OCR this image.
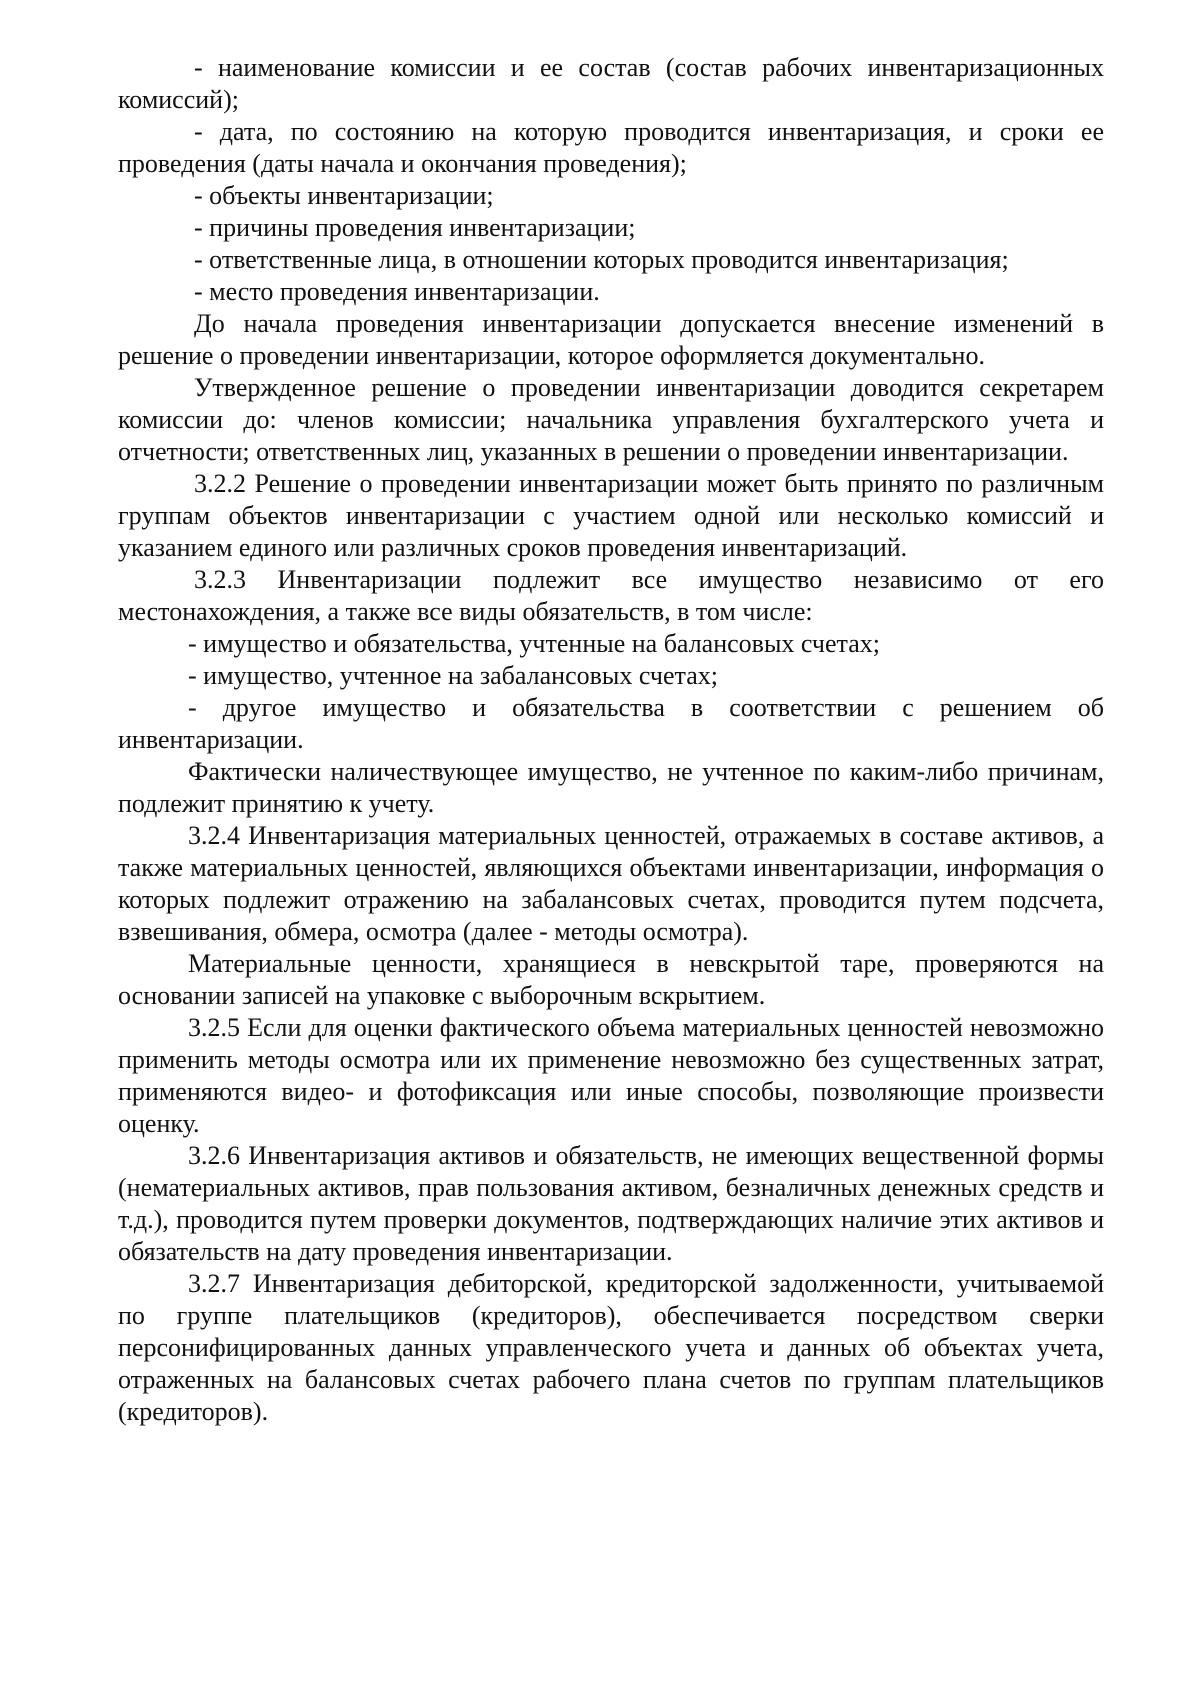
- наименование комиссии и ее состав (состав рабочих инвентаризационных комиссий);

- дата, по состоянию на которую проводится инвентаризация, и сроки ее проведения (даты начала и окончания проведения);

- объекты инвентаризации;

- причины проведения инвентаризации;

- ответственные лица, в отношении которых проводится инвентаризация;

- место проведения инвентаризации.

До начала проведения инвентаризации допускается внесение изменений в решение о проведении инвентаризации, которое оформляется документально.

Утвержденное решение о проведении инвентаризации доводится секретарем комиссии до: членов комиссии; начальника управления бухгалтерского учета и отчетности; ответственных лиц, указанных в решении о проведении инвентаризации.

3.2.2 Решение о проведении инвентаризации может быть принято по различным группам объектов инвентаризации с участием одной или несколько комиссий и указанием единого или различных сроков проведения инвентаризаций.

3.2.3 Инвентаризации подлежит все имущество независимо от его местонахождения, а также все виды обязательств, в том числе:

- имущество и обязательства, учтенные на балансовых счетах;

- имущество, учтенное на забалансовых счетах;

- другое имущество и обязательства в соответствии с решением об инвентаризации.

Фактически наличествующее имущество, не учтенное по каким-либо причинам, подлежит принятию к учету.

3.2.4 Инвентаризация материальных ценностей, отражаемых в составе активов, а также материальных ценностей, являющихся объектами инвентаризации, информация о которых подлежит отражению на забалансовых счетах, проводится путем подсчета, взвешивания, обмера, осмотра (далее - методы осмотра).

Материальные ценности, хранящиеся в невскрытой таре, проверяются на основании записей на упаковке с выборочным вскрытием.

3.2.5 Если для оценки фактического объема материальных ценностей невозможно применить методы осмотра или их применение невозможно без существенных затрат, применяются видео- и фотофиксация или иные способы, позволяющие произвести оценку.

3.2.6 Инвентаризация активов и обязательств, не имеющих вещественной формы (нематериальных активов, прав пользования активом, безналичных денежных средств и т.д.), проводится путем проверки документов, подтверждающих наличие этих активов и обязательств на дату проведения инвентаризации.

3.2.7 Инвентаризация дебиторской, кредиторской задолженности, учитываемой по группе плательщиков (кредиторов), обеспечивается посредством сверки персонифицированных данных управленческого учета и данных об объектах учета, отраженных на балансовых счетах рабочего плана счетов по группам плательщиков (кредиторов).
